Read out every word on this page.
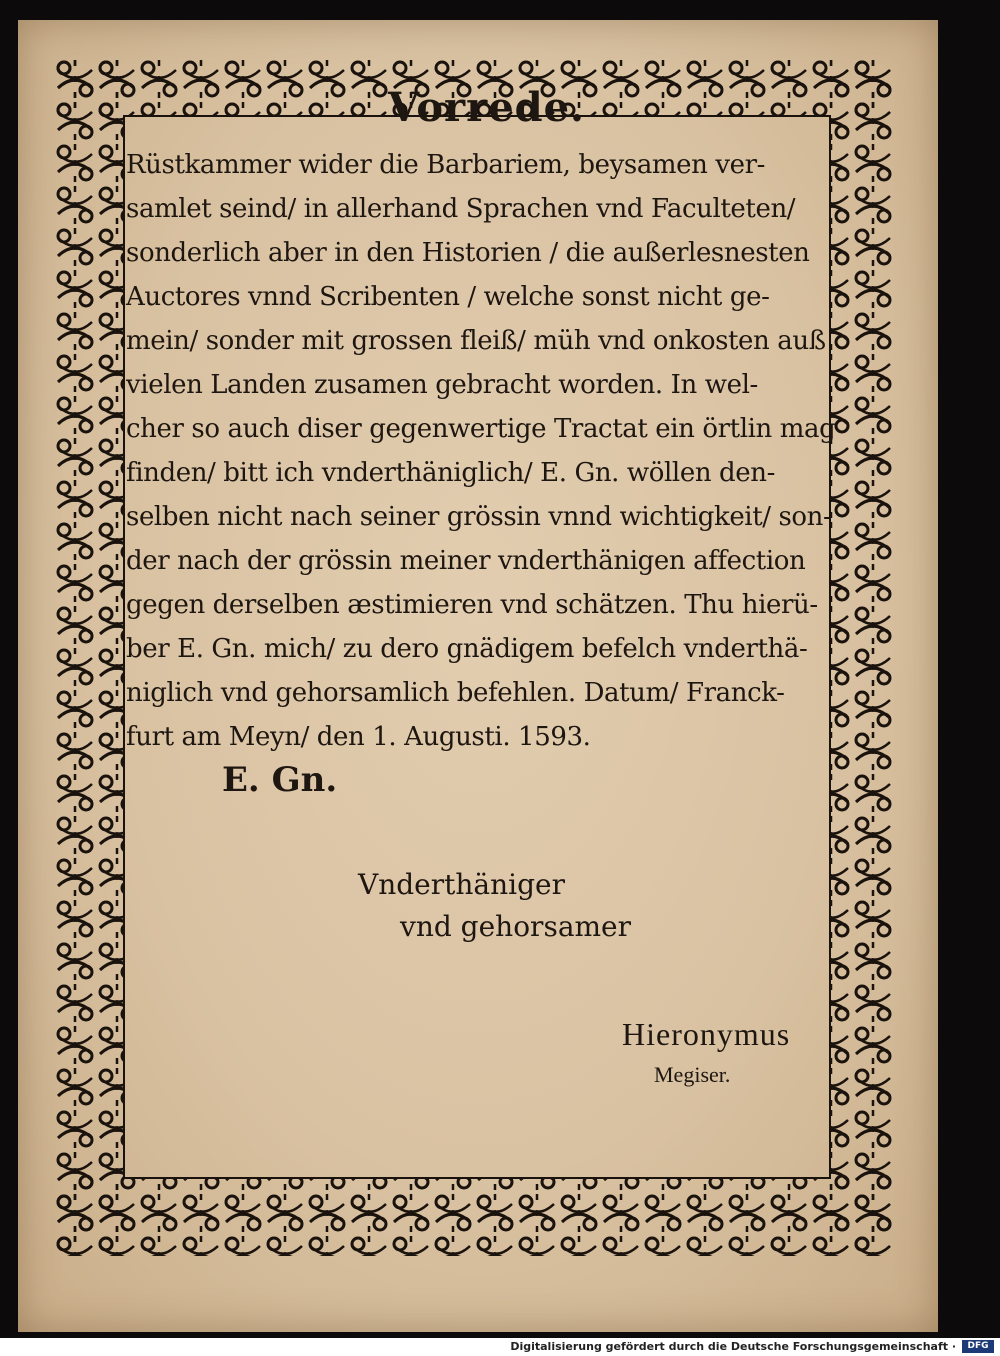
Vorrede.
Rüstkammer wider die Barbariem, beysamen ver-
samlet seind/ in allerhand Sprachen vnd Faculteten/
sonderlich aber in den Historien / die außerlesnesten
Auctores vnnd Scribenten / welche sonst nicht ge-
mein/ sonder mit grossen fleiß/ müh vnd onkosten auß
vielen Landen zusamen gebracht worden. In wel-
cher so auch diser gegenwertige Tractat ein örtlin mag
finden/ bitt ich vnderthäniglich/ E. Gn. wöllen den-
selben nicht nach seiner grössin vnnd wichtigkeit/ son-
der nach der grössin meiner vnderthänigen affection
gegen derselben æstimieren vnd schätzen. Thu hierü-
ber E. Gn. mich/ zu dero gnädigem befelch vnderthä-
niglich vnd gehorsamlich befehlen. Datum/ Franck-
furt am Meyn/ den 1. Augusti. 1593.
E. Gn.
Vnderthäniger
vnd gehorsamer
Hieronymus
Megiser.
Digitalisierung gefördert durch die Deutsche Forschungsgemeinschaft ·	DFG
